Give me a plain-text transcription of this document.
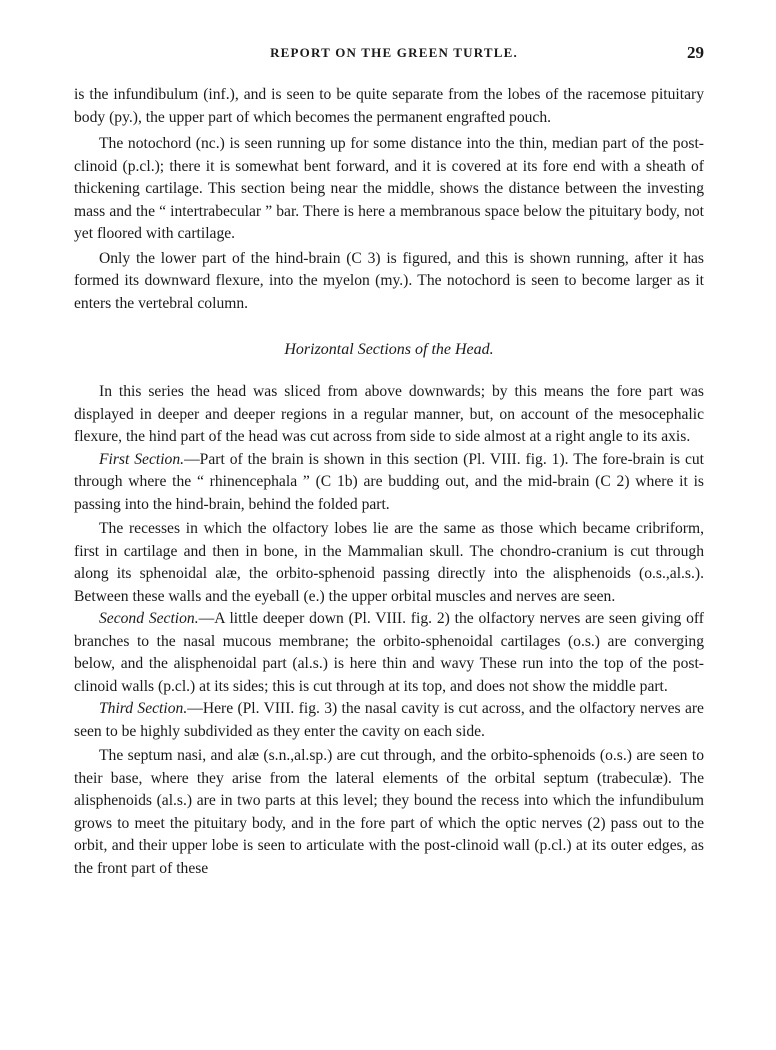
REPORT ON THE GREEN TURTLE.	29

is the infundibulum (inf.), and is seen to be quite separate from the lobes of the racemose pituitary body (py.), the upper part of which becomes the permanent engrafted pouch.

The notochord (nc.) is seen running up for some distance into the thin, median part of the post-clinoid (p.cl.); there it is somewhat bent forward, and it is covered at its fore end with a sheath of thickening cartilage. This section being near the middle, shows the distance between the investing mass and the “ intertrabecular ” bar. There is here a membranous space below the pituitary body, not yet floored with cartilage.

Only the lower part of the hind-brain (C 3) is figured, and this is shown running, after it has formed its downward flexure, into the myelon (my.). The notochord is seen to become larger as it enters the vertebral column.

Horizontal Sections of the Head.

In this series the head was sliced from above downwards; by this means the fore part was displayed in deeper and deeper regions in a regular manner, but, on account of the mesocephalic flexure, the hind part of the head was cut across from side to side almost at a right angle to its axis.

First Section.—Part of the brain is shown in this section (Pl. VIII. fig. 1). The fore-brain is cut through where the “ rhinencephala ” (C 1b) are budding out, and the mid-brain (C 2) where it is passing into the hind-brain, behind the folded part.

The recesses in which the olfactory lobes lie are the same as those which became cribriform, first in cartilage and then in bone, in the Mammalian skull. The chondro-cranium is cut through along its sphenoidal alæ, the orbito-sphenoid passing directly into the alisphenoids (o.s.,al.s.). Between these walls and the eyeball (e.) the upper orbital muscles and nerves are seen.

Second Section.—A little deeper down (Pl. VIII. fig. 2) the olfactory nerves are seen giving off branches to the nasal mucous membrane; the orbito-sphenoidal cartilages (o.s.) are converging below, and the alisphenoidal part (al.s.) is here thin and wavy These run into the top of the post-clinoid walls (p.cl.) at its sides; this is cut through at its top, and does not show the middle part.

Third Section.—Here (Pl. VIII. fig. 3) the nasal cavity is cut across, and the olfactory nerves are seen to be highly subdivided as they enter the cavity on each side.

The septum nasi, and alæ (s.n.,al.sp.) are cut through, and the orbito-sphenoids (o.s.) are seen to their base, where they arise from the lateral elements of the orbital septum (trabeculæ). The alisphenoids (al.s.) are in two parts at this level; they bound the recess into which the infundibulum grows to meet the pituitary body, and in the fore part of which the optic nerves (2) pass out to the orbit, and their upper lobe is seen to articulate with the post-clinoid wall (p.cl.) at its outer edges, as the front part of these
